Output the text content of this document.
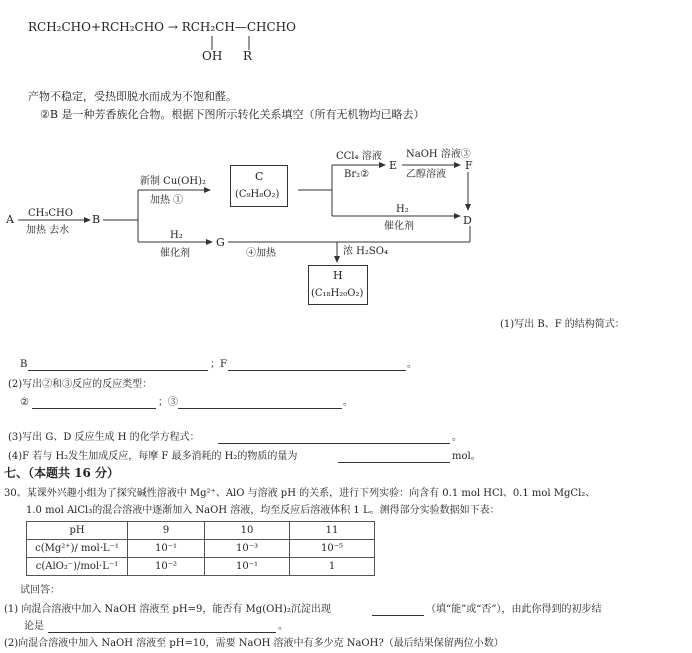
RCH₂CHO+RCH₂CHO → RCH₂CH—CHCHO
OH R
产物不稳定，受热即脱水而成为不饱和醛。
②B 是一种芳香族化合物。根据下图所示转化关系填空（所有无机物均已略去）
A CH₃CHO
加热 去水
B
新制 Cu(OH)₂
加热 ①
C
(C₉H₈O₂)
CCl₄ 溶液
Br₂②
E
NaOH 溶液③
乙醇溶液
F
H₂
催化剂	D
H₂
催化剂
G
④加热	浓 H₂SO₄
H
(C₁₈H₂₀O₂)
(1)写出 B、F 的结构简式：
B	；F	。
(2)写出②和③反应的反应类型：
②	；③	。
(3)写出 G、D 反应生成 H 的化学方程式：	。
(4)F 若与 H₂发生加成反应，每摩 F 最多消耗的 H₂的物质的量为	mol。
七、（本题共 16 分）
30、某课外兴趣小组为了探究碱性溶液中 Mg²⁺、AlO 与溶液 pH 的关系，进行下列实验：向含有 0.1 mol HCl、0.1 mol MgCl₂、
1.0 mol AlCl₃的混合溶液中逐渐加入 NaOH 溶液，均至反应后溶液体积 1 L。测得部分实验数据如下表：
pH	9	10	11
c(Mg²⁺)/ mol·L⁻¹	10⁻¹	10⁻³	10⁻⁵
c(AlO₂⁻)/mol·L⁻¹	10⁻²	10⁻¹	1
试回答：
(1) 向混合溶液中加入 NaOH 溶液至 pH=9，能否有 Mg(OH)₂沉淀出现	（填“能”或“否”），由此你得到的初步结
论是	。
(2)向混合溶液中加入 NaOH 溶液至 pH=10，需要 NaOH 溶液中有多少克 NaOH?（最后结果保留两位小数）
